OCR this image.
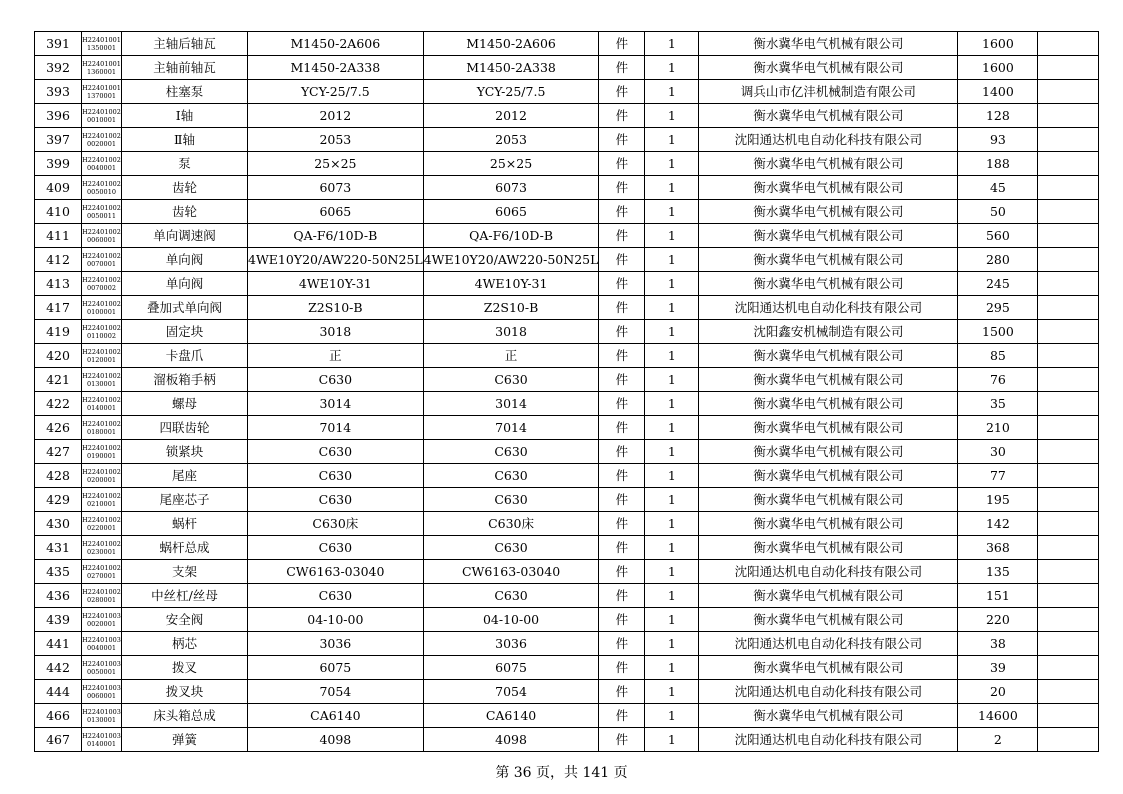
391	H224010011350001	主轴后轴瓦	M1450-2A606	M1450-2A606	件	1	衡水冀华电气机械有限公司	1600	
392	H224010011360001	主轴前轴瓦	M1450-2A338	M1450-2A338	件	1	衡水冀华电气机械有限公司	1600	
393	H224010011370001	柱塞泵	YCY-25/7.5	YCY-25/7.5	件	1	调兵山市亿沣机械制造有限公司	1400	
396	H224010020010001	Ⅰ轴	2012	2012	件	1	衡水冀华电气机械有限公司	128	
397	H224010020020001	Ⅱ轴	2053	2053	件	1	沈阳通达机电自动化科技有限公司	93	
399	H224010020040001	泵	25×25	25×25	件	1	衡水冀华电气机械有限公司	188	
409	H224010020050010	齿轮	6073	6073	件	1	衡水冀华电气机械有限公司	45	
410	H224010020050011	齿轮	6065	6065	件	1	衡水冀华电气机械有限公司	50	
411	H224010020060001	单向调速阀	QA-F6/10D-B	QA-F6/10D-B	件	1	衡水冀华电气机械有限公司	560	
412	H224010020070001	单向阀	4WE10Y20/AW220-50N25L	4WE10Y20/AW220-50N25L	件	1	衡水冀华电气机械有限公司	280	
413	H224010020070002	单向阀	4WE10Y-31	4WE10Y-31	件	1	衡水冀华电气机械有限公司	245	
417	H224010020100001	叠加式单向阀	Z2S10-B	Z2S10-B	件	1	沈阳通达机电自动化科技有限公司	295	
419	H224010020110002	固定块	3018	3018	件	1	沈阳鑫安机械制造有限公司	1500	
420	H224010020120001	卡盘爪	正	正	件	1	衡水冀华电气机械有限公司	85	
421	H224010020130001	溜板箱手柄	C630	C630	件	1	衡水冀华电气机械有限公司	76	
422	H224010020140001	螺母	3014	3014	件	1	衡水冀华电气机械有限公司	35	
426	H224010020180001	四联齿轮	7014	7014	件	1	衡水冀华电气机械有限公司	210	
427	H224010020190001	锁紧块	C630	C630	件	1	衡水冀华电气机械有限公司	30	
428	H224010020200001	尾座	C630	C630	件	1	衡水冀华电气机械有限公司	77	
429	H224010020210001	尾座芯子	C630	C630	件	1	衡水冀华电气机械有限公司	195	
430	H224010020220001	蜗杆	C630床	C630床	件	1	衡水冀华电气机械有限公司	142	
431	H224010020230001	蜗杆总成	C630	C630	件	1	衡水冀华电气机械有限公司	368	
435	H224010020270001	支架	CW6163-03040	CW6163-03040	件	1	沈阳通达机电自动化科技有限公司	135	
436	H224010020280001	中丝杠/丝母	C630	C630	件	1	衡水冀华电气机械有限公司	151	
439	H224010030020001	安全阀	04-10-00	04-10-00	件	1	衡水冀华电气机械有限公司	220	
441	H224010030040001	柄芯	3036	3036	件	1	沈阳通达机电自动化科技有限公司	38	
442	H224010030050001	拨叉	6075	6075	件	1	衡水冀华电气机械有限公司	39	
444	H224010030060001	拨叉块	7054	7054	件	1	沈阳通达机电自动化科技有限公司	20	
466	H224010030130001	床头箱总成	CA6140	CA6140	件	1	衡水冀华电气机械有限公司	14600	
467	H224010030140001	弹簧	4098	4098	件	1	沈阳通达机电自动化科技有限公司	2	
第 36 页，共 141 页
